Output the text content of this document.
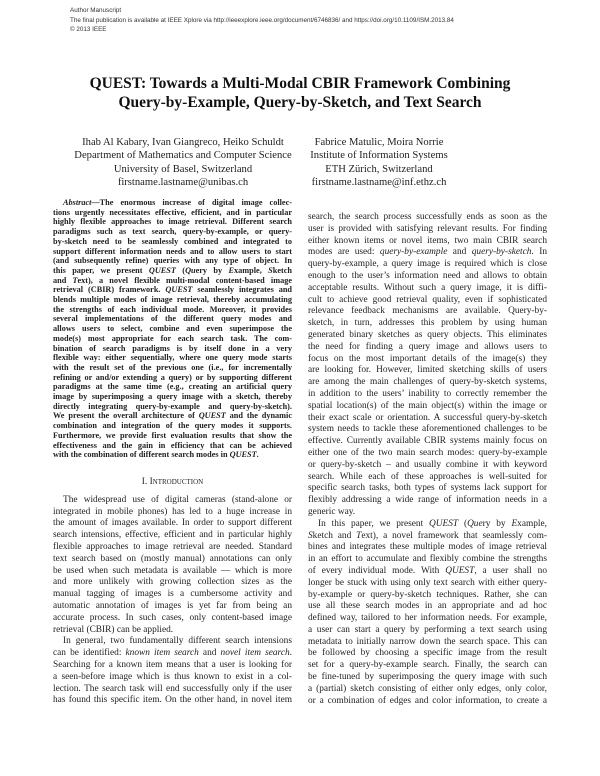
Author Manuscript
The final publication is available at IEEE Xplore via http://ieeexplore.ieee.org/document/6746836/ and https://doi.org/10.1109/ISM.2013.84
© 2013 IEEE
QUEST: Towards a Multi-Modal CBIR Framework Combining
Query-by-Example, Query-by-Sketch, and Text Search
Ihab Al Kabary, Ivan Giangreco, Heiko Schuldt
Department of Mathematics and Computer Science
University of Basel, Switzerland
firstname.lastname@unibas.ch
Fabrice Matulic, Moira Norrie
Institute of Information Systems
ETH Zürich, Switzerland
firstname.lastname@inf.ethz.ch
Abstract—The enormous increase of digital image collec-
tions urgently necessitates effective, efficient, and in particular
highly flexible approaches to image retrieval. Different search
paradigms such as text search, query-by-example, or query-
by-sketch need to be seamlessly combined and integrated to
support different information needs and to allow users to start
(and subsequently refine) queries with any type of object. In
this paper, we present QUEST (Query by Example, Sketch
and Text), a novel flexible multi-modal content-based image
retrieval (CBIR) framework. QUEST seamlessly integrates and
blends multiple modes of image retrieval, thereby accumulating
the strengths of each individual mode. Moreover, it provides
several implementations of the different query modes and
allows users to select, combine and even superimpose the
mode(s) most appropriate for each search task. The com-
bination of search paradigms is by itself done in a very
flexible way: either sequentially, where one query mode starts
with the result set of the previous one (i.e., for incrementally
refining or and/or extending a query) or by supporting different
paradigms at the same time (e.g., creating an artificial query
image by superimposing a query image with a sketch, thereby
directly integrating query-by-example and query-by-sketch).
We present the overall architecture of QUEST and the dynamic
combination and integration of the query modes it supports.
Furthermore, we provide first evaluation results that show the
effectiveness and the gain in efficiency that can be achieved
with the combination of different search modes in QUEST.
I. Introduction
The widespread use of digital cameras (stand-alone or
integrated in mobile phones) has led to a huge increase in
the amount of images available. In order to support different
search intensions, effective, efficient and in particular highly
flexible approaches to image retrieval are needed. Standard
text search based on (mostly manual) annotations can only
be used when such metadata is available — which is more
and more unlikely with growing collection sizes as the
manual tagging of images is a cumbersome activity and
automatic annotation of images is yet far from being an
accurate process. In such cases, only content-based image
retrieval (CBIR) can be applied.
In general, two fundamentally different search intensions
can be identified: known item search and novel item search.
Searching for a known item means that a user is looking for
a seen-before image which is thus known to exist in a col-
lection. The search task will end successfully only if the user
has found this specific item. On the other hand, in novel item
search, the search process successfully ends as soon as the
user is provided with satisfying relevant results. For finding
either known items or novel items, two main CBIR search
modes are used: query-by-example and query-by-sketch. In
query-by-example, a query image is required which is close
enough to the user’s information need and allows to obtain
acceptable results. Without such a query image, it is diffi-
cult to achieve good retrieval quality, even if sophisticated
relevance feedback mechanisms are available. Query-by-
sketch, in turn, addresses this problem by using human
generated binary sketches as query objects. This eliminates
the need for finding a query image and allows users to
focus on the most important details of the image(s) they
are looking for. However, limited sketching skills of users
are among the main challenges of query-by-sketch systems,
in addition to the users’ inability to correctly remember the
spatial location(s) of the main object(s) within the image or
their exact scale or orientation. A successful query-by-sketch
system needs to tackle these aforementioned challenges to be
effective. Currently available CBIR systems mainly focus on
either one of the two main search modes: query-by-example
or query-by-sketch – and usually combine it with keyword
search. While each of these approaches is well-suited for
specific search tasks, both types of systems lack support for
flexibly addressing a wide range of information needs in a
generic way.
In this paper, we present QUEST (Query by Example,
Sketch and Text), a novel framework that seamlessly com-
bines and integrates these multiple modes of image retrieval
in an effort to accumulate and flexibly combine the strengths
of every individual mode. With QUEST, a user shall no
longer be stuck with using only text search with either query-
by-example or query-by-sketch techniques. Rather, she can
use all these search modes in an appropriate and ad hoc
defined way, tailored to her information needs. For example,
a user can start a query by performing a text search using
metadata to initially narrow down the search space. This can
be followed by choosing a specific image from the result
set for a query-by-example search. Finally, the search can
be fine-tuned by superimposing the query image with such
a (partial) sketch consisting of either only edges, only color,
or a combination of edges and color information, to create a
